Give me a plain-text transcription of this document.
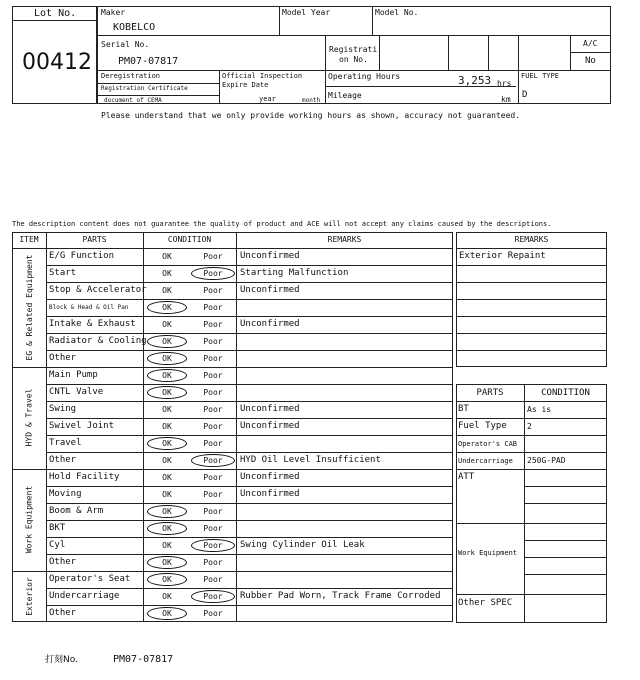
Lot No.
00412
Maker
KOBELCO
Model Year	Model No.
Serial No.
PM07-07817
Registrati
on No.
A/C
No
Deregistration
Registration Certificate
document of CEMA
Official Inspection
Expire Date
year	month
Operating Hours	3,253 hrs
Mileage	km
FUEL TYPE
D
Please understand that we only provide working hours as shown, accuracy not guaranteed.
The description content does not guarantee the quality of product and ACE will not accept any claims caused by the descriptions.
ITEM	PARTS	CONDITION	REMARKS
E/G Function	OK	Poor	Unconfirmed
Start	OK	Poor	Starting Malfunction
Stop & Accelerator	OK	Poor	Unconfirmed
Block & Head & Oil Pan	OK	Poor
Intake & Exhaust	OK	Poor	Unconfirmed
Radiator & Cooling	OK	Poor
Other	OK	Poor
EG & Related Equipment
Main Pump	OK	Poor
CNTL Valve	OK	Poor
Swing	OK	Poor	Unconfirmed
Swivel Joint	OK	Poor	Unconfirmed
Travel	OK	Poor
Other	OK	Poor	HYD Oil Level Insufficient
HYD & Travel
Hold Facility	OK	Poor	Unconfirmed
Moving	OK	Poor	Unconfirmed
Boom & Arm	OK	Poor
BKT	OK	Poor
Cyl	OK	Poor	Swing Cylinder Oil Leak
Other	OK	Poor
Work Equipment
Operator's Seat	OK	Poor
Undercarriage	OK	Poor	Rubber Pad Worn, Track Frame Corroded
Other	OK	Poor
Exterior
REMARKS
Exterior Repaint
PARTS	CONDITION
BT	As is
Fuel Type	2
Operator's CAB
Undercarriage 250G-PAD
ATT
Work Equipment
Other SPEC
打刻No.	PM07-07817
